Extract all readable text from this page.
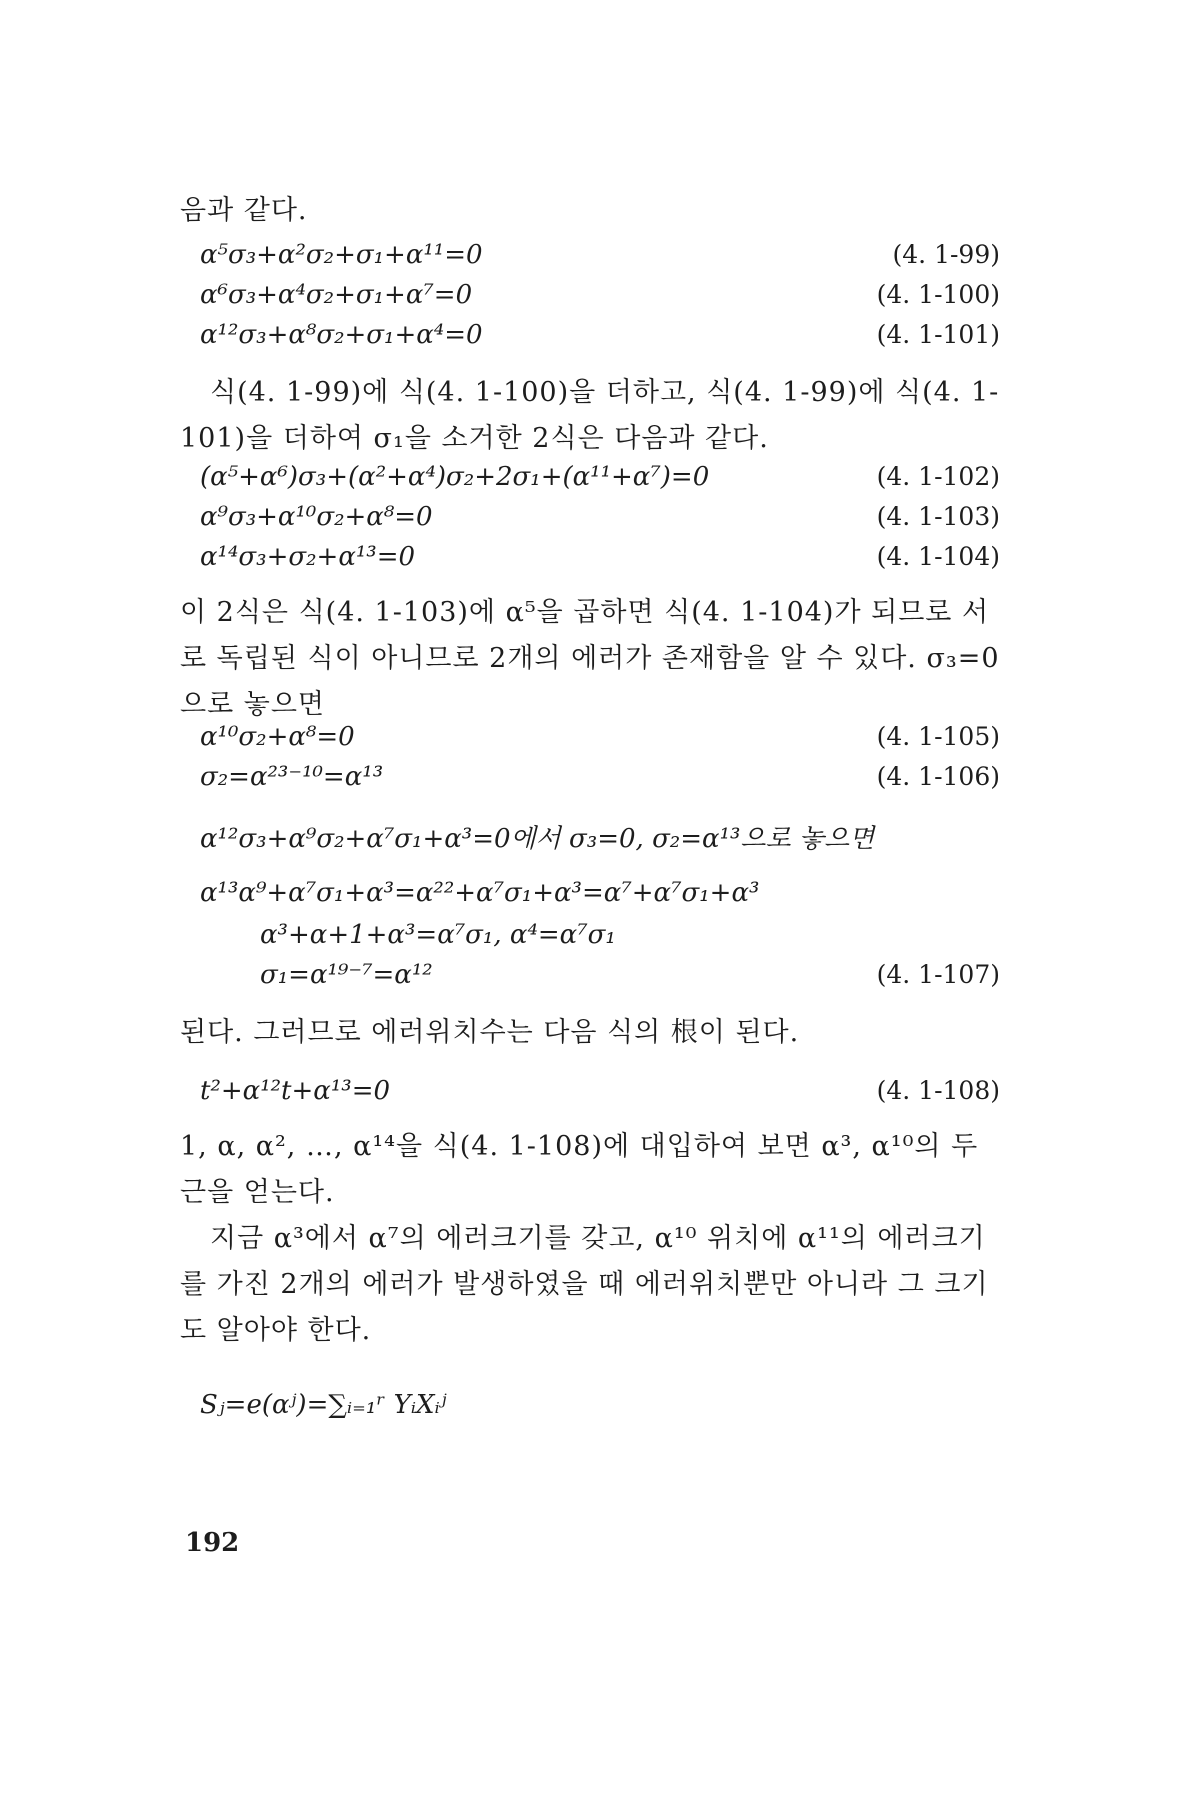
음과 같다.

α⁵σ₃+α²σ₂+σ₁+α¹¹=0	(4. 1-99)
α⁶σ₃+α⁴σ₂+σ₁+α⁷=0	(4. 1-100)
α¹²σ₃+α⁸σ₂+σ₁+α⁴=0	(4. 1-101)

식(4. 1-99)에 식(4. 1-100)을 더하고, 식(4. 1-99)에 식(4. 1-101)을 더하여 σ₁을 소거한 2식은 다음과 같다.

(α⁵+α⁶)σ₃+(α²+α⁴)σ₂+2σ₁+(α¹¹+α⁷)=0	(4. 1-102)
α⁹σ₃+α¹⁰σ₂+α⁸=0	(4. 1-103)
α¹⁴σ₃+σ₂+α¹³=0	(4. 1-104)

이 2식은 식(4. 1-103)에 α⁵을 곱하면 식(4. 1-104)가 되므로 서로 독립된 식이 아니므로 2개의 에러가 존재함을 알 수 있다. σ₃=0으로 놓으면

α¹⁰σ₂+α⁸=0	(4. 1-105)
σ₂=α²³⁻¹⁰=α¹³	(4. 1-106)
α¹²σ₃+α⁹σ₂+α⁷σ₁+α³=0에서 σ₃=0, σ₂=α¹³으로 놓으면
α¹³α⁹+α⁷σ₁+α³=α²²+α⁷σ₁+α³=α⁷+α⁷σ₁+α³
α³+α+1+α³=α⁷σ₁, α⁴=α⁷σ₁
σ₁=α¹⁹⁻⁷=α¹²	(4. 1-107)

된다. 그러므로 에러위치수는 다음 식의 根이 된다.

t²+α¹²t+α¹³=0	(4. 1-108)

1, α, α², …, α¹⁴을 식(4. 1-108)에 대입하여 보면 α³, α¹⁰의 두 근을 얻는다.

지금 α³에서 α⁷의 에러크기를 갖고, α¹⁰ 위치에 α¹¹의 에러크기를 가진 2개의 에러가 발생하였을 때 에러위치뿐만 아니라 그 크기도 알아야 한다.

Sⱼ=e(αʲ)=∑ᵢ₌₁ʳ YᵢXᵢʲ
192
